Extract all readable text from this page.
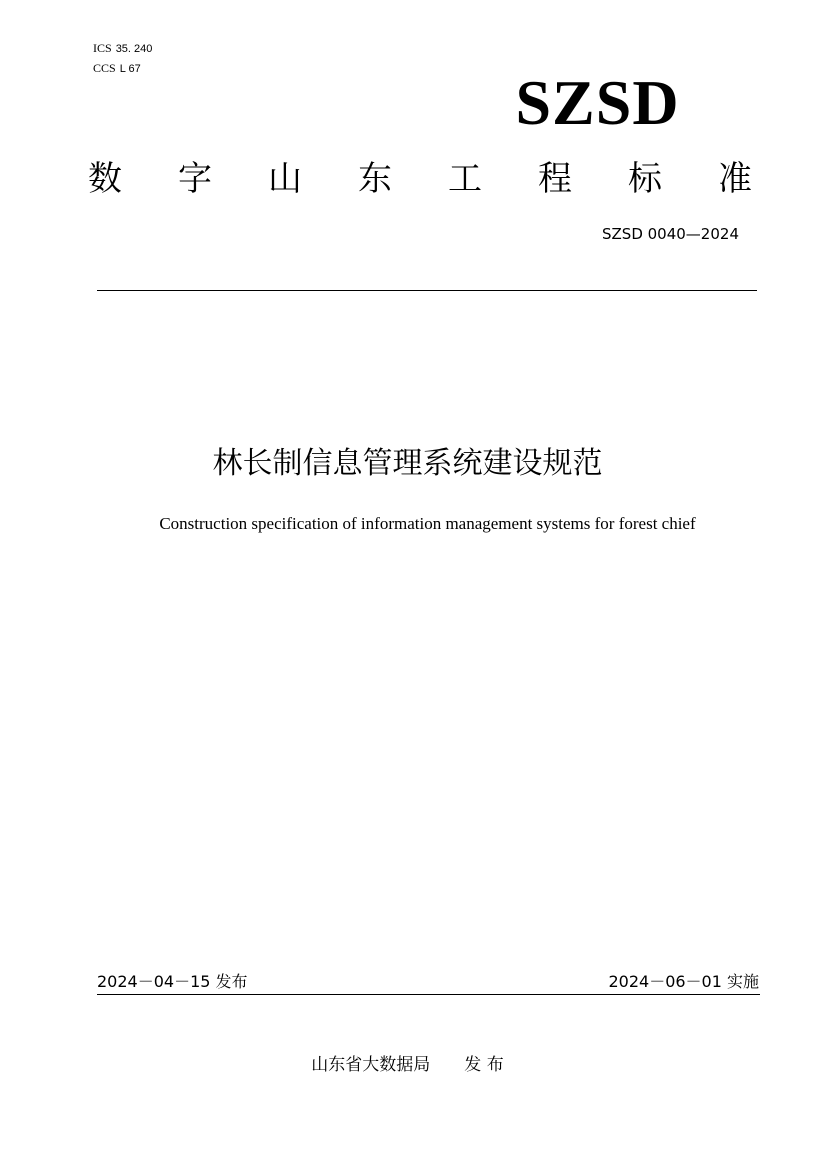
ICS 35. 240
CCS L 67	SZSD
数 字 山 东 工 程 标 准
SZSD 0040—2024
林长制信息管理系统建设规范
Construction specification of information management systems for forest chief
2024－04－15 发布	2024－06－01 实施
山东省大数据局 发 布
